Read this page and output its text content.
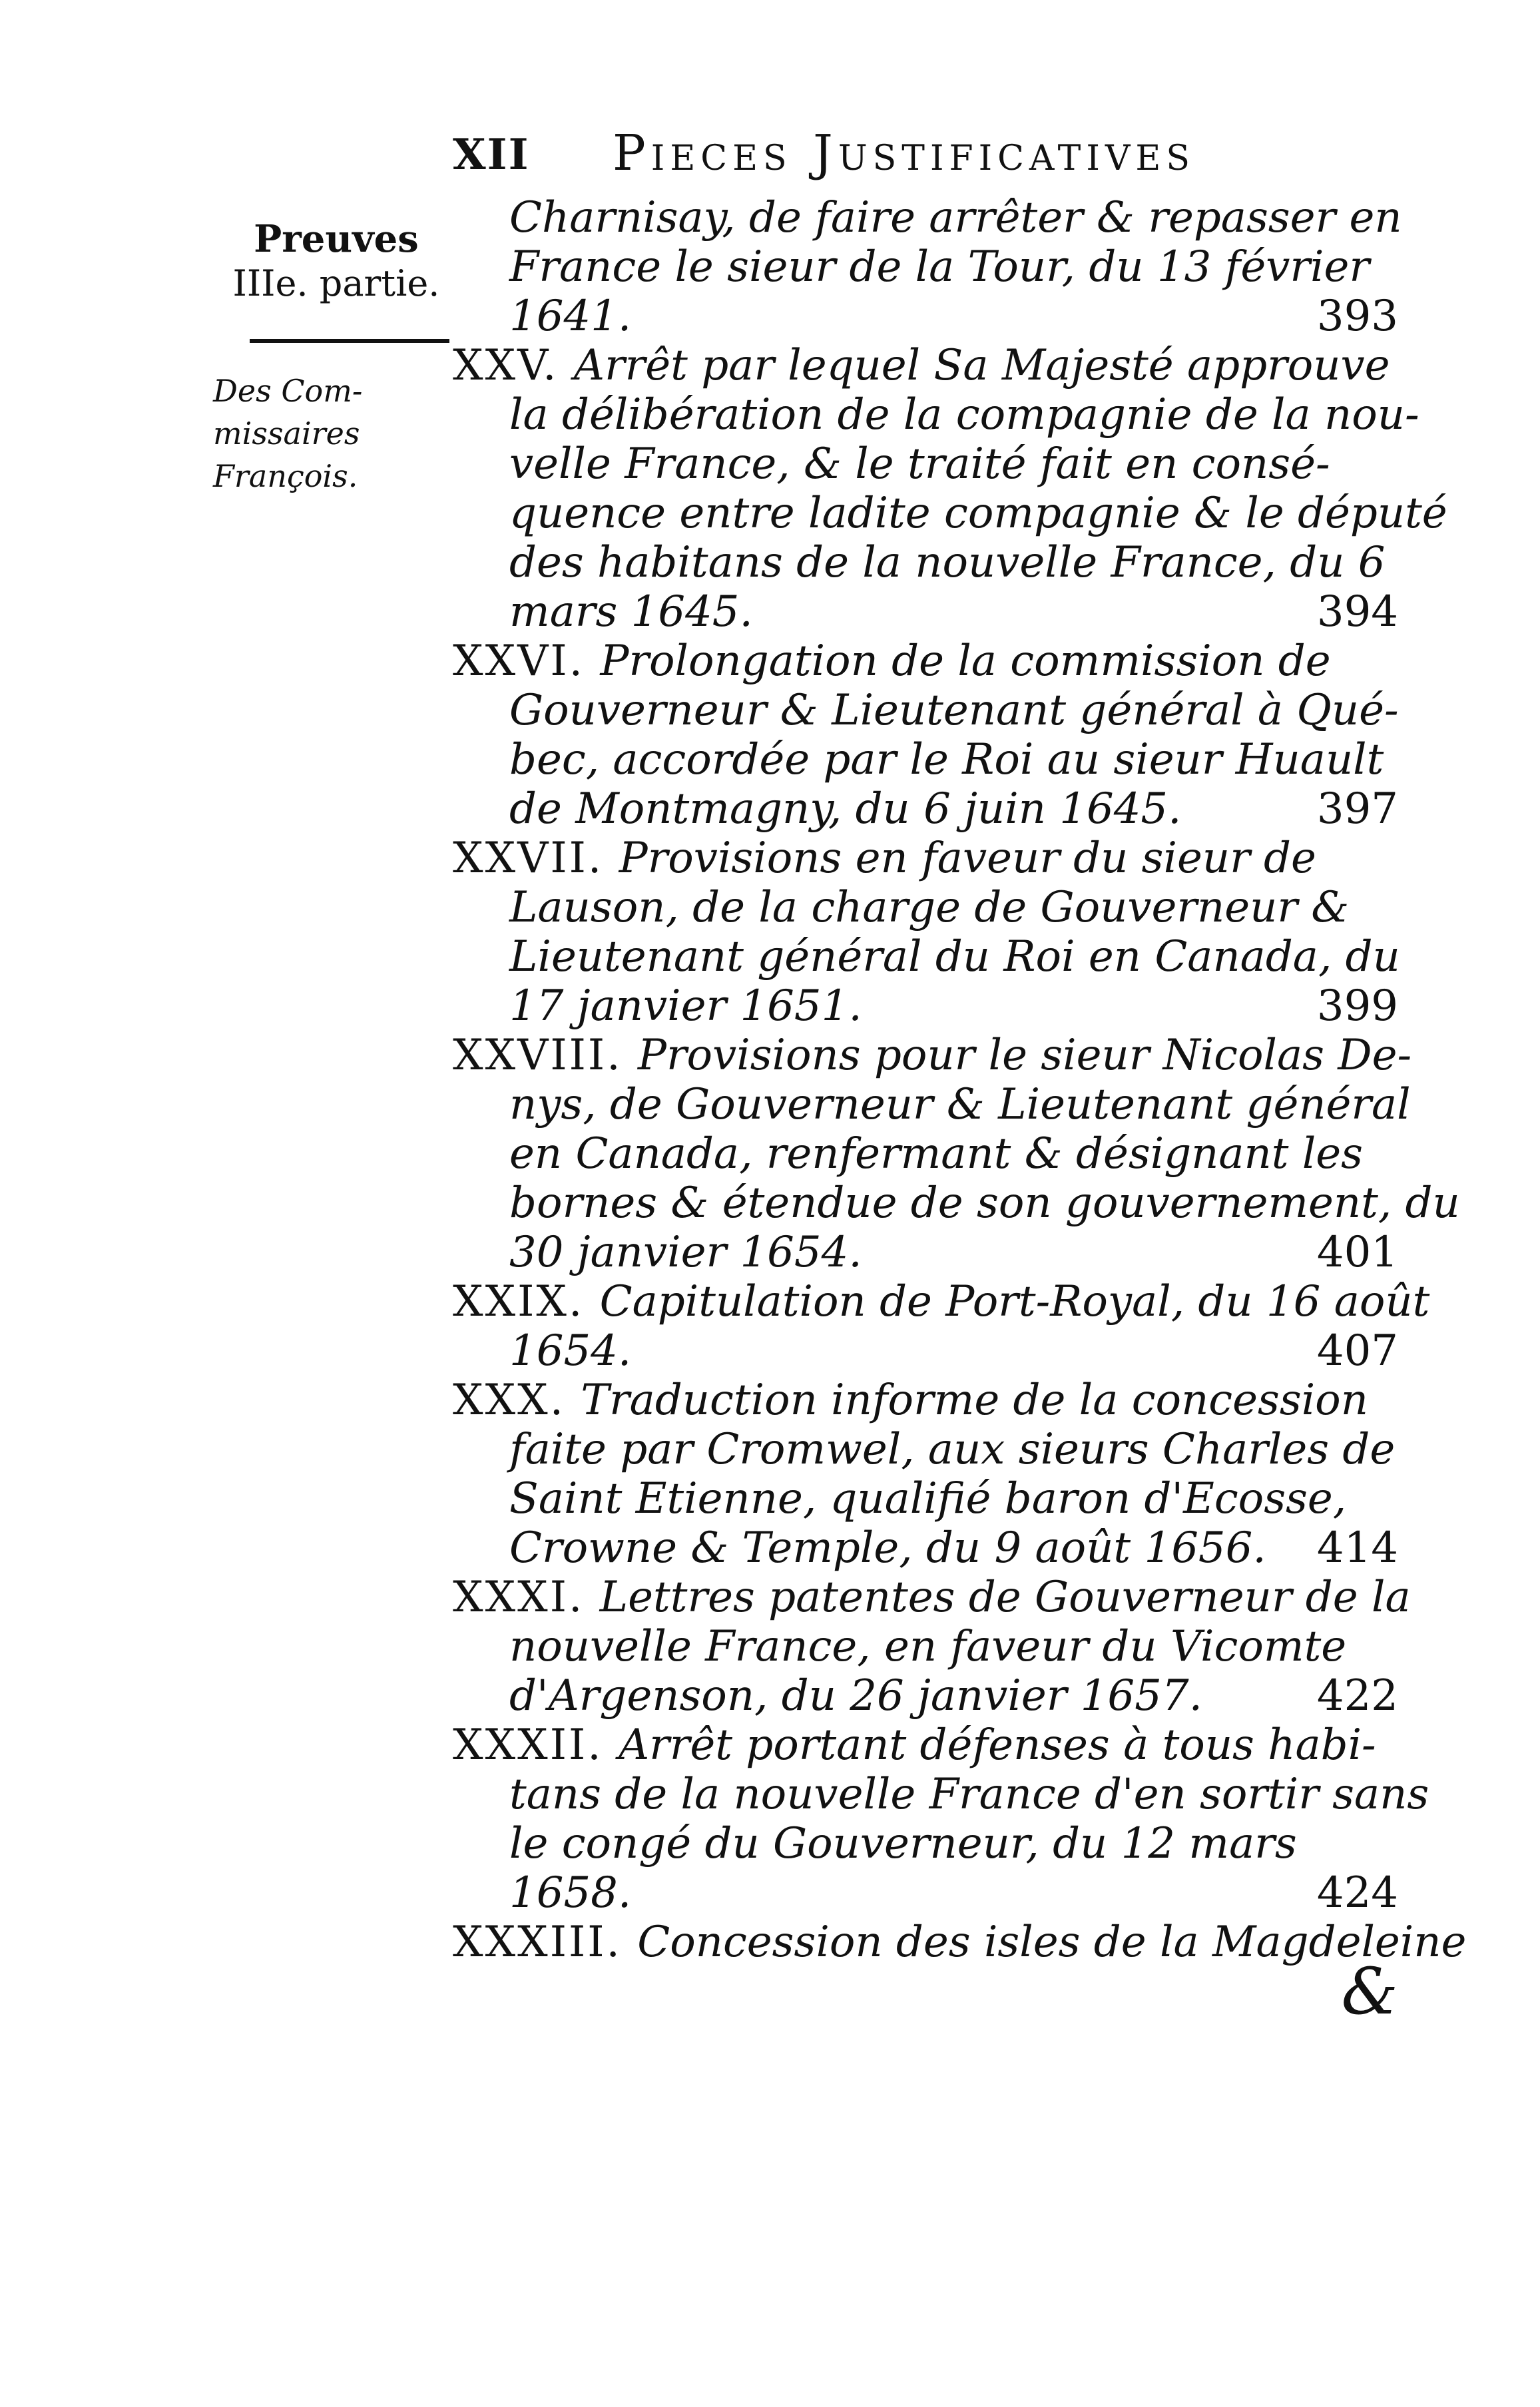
XII Pieces Justificatives
Preuves
IIIe. partie.
Des Com-
missaires
François.
Charnisay, de faire arrêter & repasser en
France le sieur de la Tour, du 13 février
1641.	393
XXV. Arrêt par lequel Sa Majesté approuve
la délibération de la compagnie de la nou-
velle France, & le traité fait en consé-
quence entre ladite compagnie & le député
des habitans de la nouvelle France, du 6
mars 1645.	394
XXVI. Prolongation de la commission de
Gouverneur & Lieutenant général à Qué-
bec, accordée par le Roi au sieur Huault
de Montmagny, du 6 juin 1645.	397
XXVII. Provisions en faveur du sieur de
Lauson, de la charge de Gouverneur &
Lieutenant général du Roi en Canada, du
17 janvier 1651.	399
XXVIII. Provisions pour le sieur Nicolas De-
nys, de Gouverneur & Lieutenant général
en Canada, renfermant & désignant les
bornes & étendue de son gouvernement, du
30 janvier 1654.	401
XXIX. Capitulation de Port-Royal, du 16 août
1654.	407
XXX. Traduction informe de la concession
faite par Cromwel, aux sieurs Charles de
Saint Etienne, qualifié baron d'Ecosse,
Crowne & Temple, du 9 août 1656. 414
XXXI. Lettres patentes de Gouverneur de la
nouvelle France, en faveur du Vicomte
d'Argenson, du 26 janvier 1657.	422
XXXII. Arrêt portant défenses à tous habi-
tans de la nouvelle France d'en sortir sans
le congé du Gouverneur, du 12 mars
1658.	424
XXXIII. Concession des isles de la Magdeleine
&
